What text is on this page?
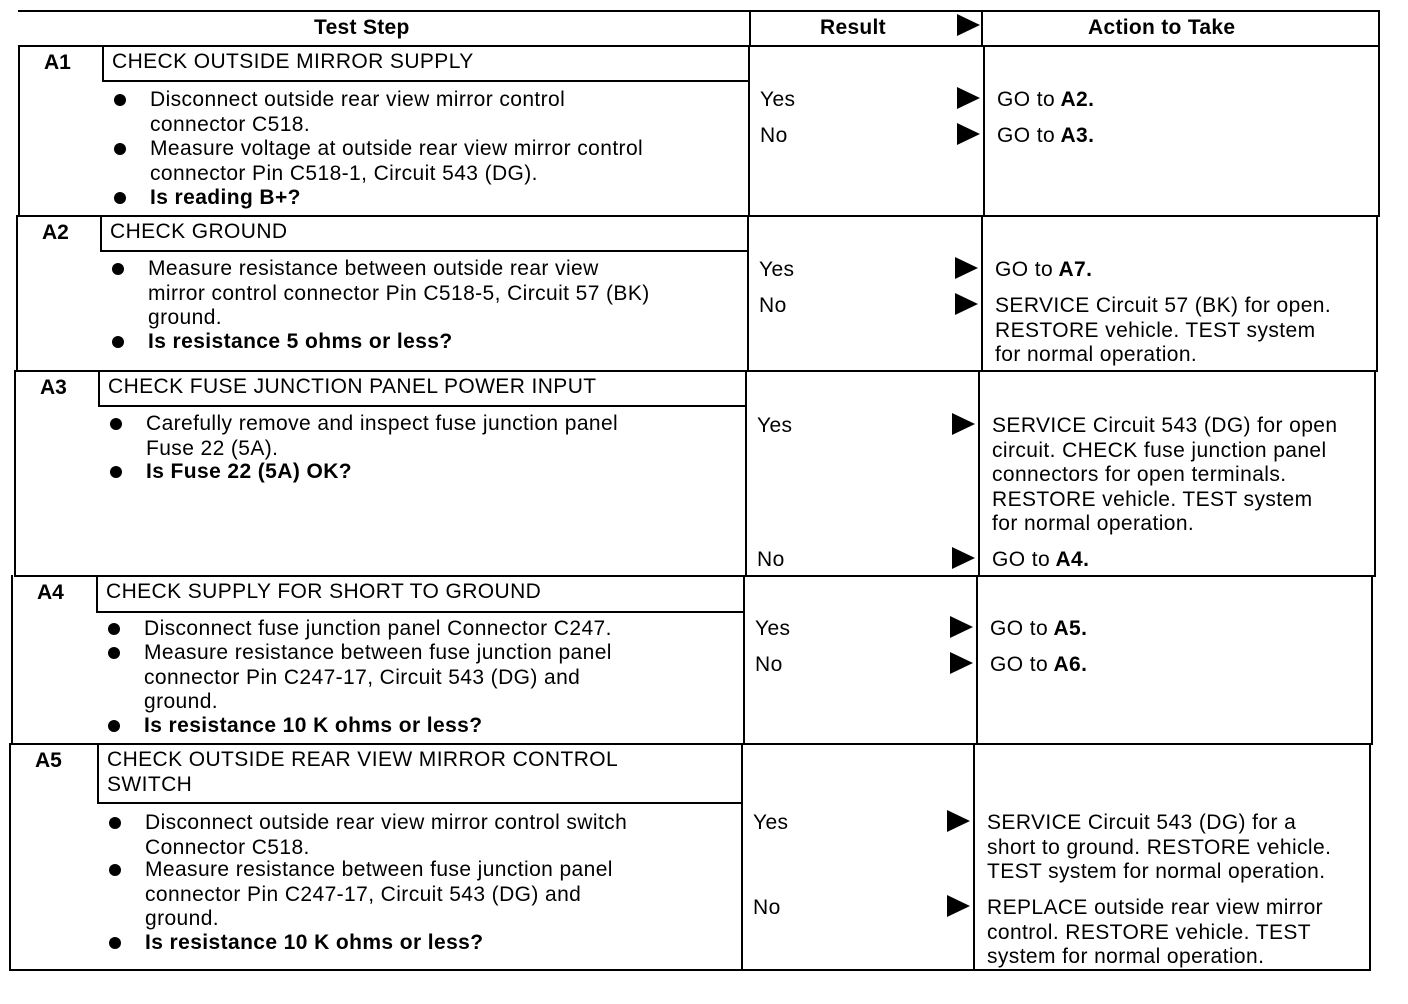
Test Step	Result	Action to Take
A1 CHECK OUTSIDE MIRROR SUPPLY
Disconnect outside rear view mirror control
connector C518.
Measure voltage at outside rear view mirror control
connector Pin C518-1, Circuit 543 (DG).
Is reading B+?
Yes
No
GO to A2.
GO to A3.
A2 CHECK GROUND
Measure resistance between outside rear view
mirror control connector Pin C518-5, Circuit 57 (BK)
ground.
Is resistance 5 ohms or less?
Yes
No
GO to A7.
SERVICE Circuit 57 (BK) for open.
RESTORE vehicle. TEST system
for normal operation.
A3 CHECK FUSE JUNCTION PANEL POWER INPUT
Carefully remove and inspect fuse junction panel
Fuse 22 (5A).
Is Fuse 22 (5A) OK?
Yes
No
SERVICE Circuit 543 (DG) for open
circuit. CHECK fuse junction panel
connectors for open terminals.
RESTORE vehicle. TEST system
for normal operation.
GO to A4.
A4 CHECK SUPPLY FOR SHORT TO GROUND
Disconnect fuse junction panel Connector C247.
Measure resistance between fuse junction panel
connector Pin C247-17, Circuit 543 (DG) and
ground.
Is resistance 10 K ohms or less?
Yes
No
GO to A5.
GO to A6.
A5 CHECK OUTSIDE REAR VIEW MIRROR CONTROL
SWITCH
Disconnect outside rear view mirror control switch
Connector C518.
Measure resistance between fuse junction panel
connector Pin C247-17, Circuit 543 (DG) and
ground.
Is resistance 10 K ohms or less?
Yes
No
SERVICE Circuit 543 (DG) for a
short to ground. RESTORE vehicle.
TEST system for normal operation.
REPLACE outside rear view mirror
control. RESTORE vehicle. TEST
system for normal operation.
